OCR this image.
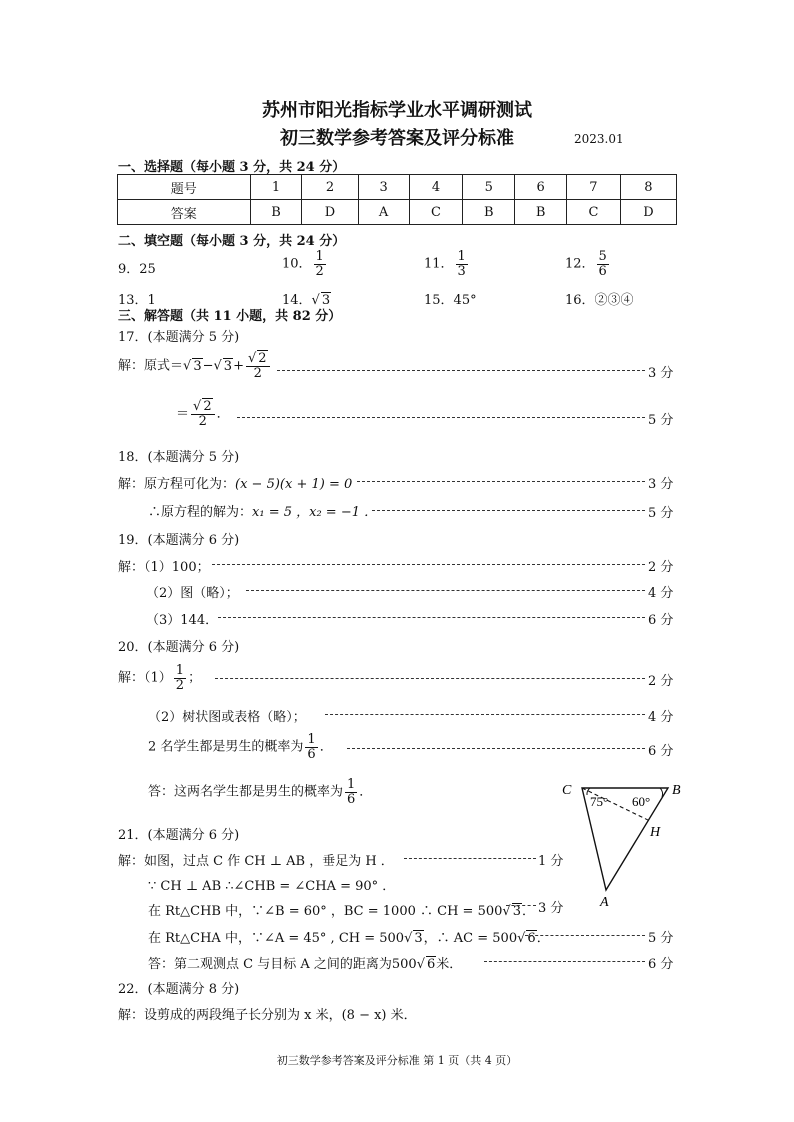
苏州市阳光指标学业水平调研测试
初三数学参考答案及评分标准	2023.01
一、选择题（每小题 3 分，共 24 分）
题号	1	2	3	4	5	6	7	8
答案	B	D	A	C	B	B	C	D
二、填空题（每小题 3 分，共 24 分）
9．25	10． $\frac{1}{2}$	11． $\frac{1}{3}$	12． $\frac{5}{6}$
13．1	14．√ 3	15．45°	16．②③④
三、解答题（共 11 小题，共 82 分）
17．(本题满分 5 分)
解：原式＝√ 3−√ $3+ \frac{√ 2}{2}$	3 分
＝ $\frac{√ 2}{2}$ ．	5 分
18．(本题满分 5 分)
解：原方程可化为：(x − 5)(x + 1) = 0	3 分
∴原方程的解为：x₁ = 5 ，x₂ = −1 ．	5 分
19．(本题满分 6 分)
解：（1）100；	2 分
（2）图（略）；	4 分
（3）144．	6 分
20．(本题满分 6 分)
解：$(1) \frac{1}{2}$ ；	2 分
（2）树状图或表格（略）；	4 分
2 名学生都是男生的概率为 $\frac{1}{6}$ ．	6 分
答：这两名学生都是男生的概率为 $\frac{1}{6}$ ．	C	B
H
A
75° 60°
21．(本题满分 6 分)
解：如图，过点 C 作 CH ⊥ AB ，垂足为 H ．	1 分
∵ CH ⊥ AB ∴∠CHB = ∠CHA = 90° ．
在 Rt△CHB 中，∵∠B = 60° ，BC = 1000 ∴ CH = 500√ 3． 3 分
在 Rt△CHA 中，∵∠A = 45° , CH = 500√ 3，∴ AC = 500√ 6．	5 分
答：第二观测点 C 与目标 A 之间的距离为500√ 6米．	6 分
22．(本题满分 8 分)
解：设剪成的两段绳子长分别为 x 米，(8 − x) 米．
初三数学参考答案及评分标准 第 1 页（共 4 页）
